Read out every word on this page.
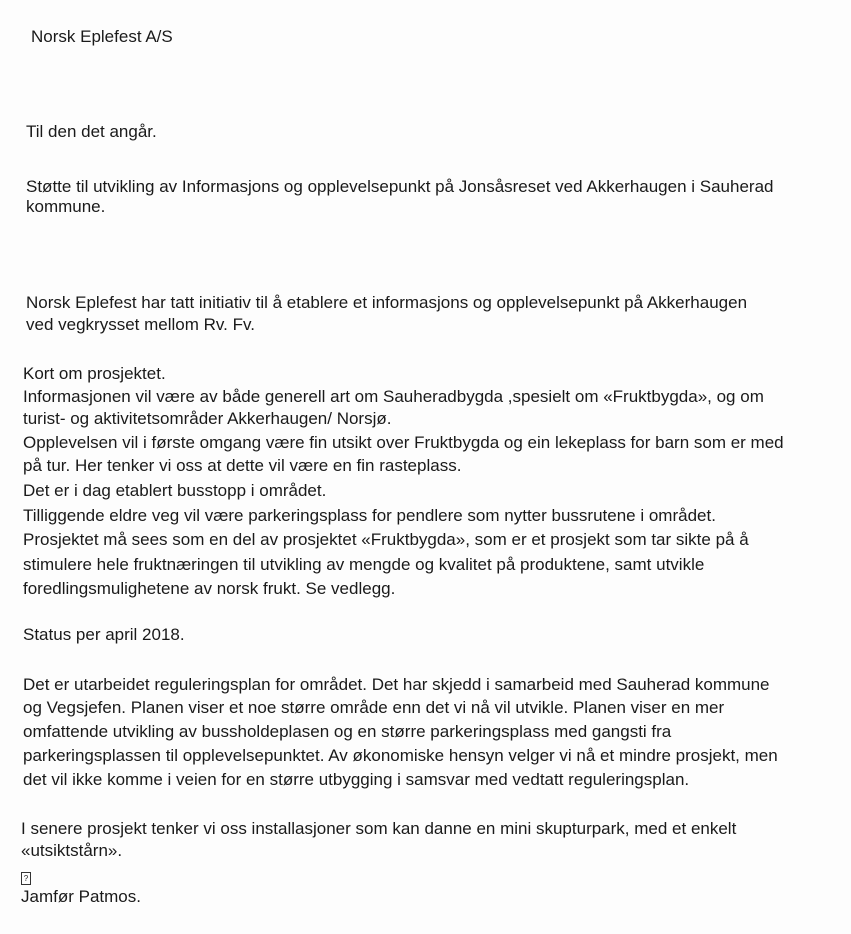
Norsk Eplefest A/S

Til den det angår.

Støtte til utvikling av Informasjons og opplevelsepunkt på Jonsåsreset ved Akkerhaugen i Sauherad

kommune.

Norsk Eplefest har tatt initiativ til å etablere et informasjons og opplevelsepunkt på Akkerhaugen

ved vegkrysset mellom Rv. Fv.

Kort om prosjektet.

Informasjonen vil være av både generell art om Sauheradbygda ,spesielt om «Fruktbygda», og om

turist- og aktivitetsområder Akkerhaugen/ Norsjø.

Opplevelsen vil i første omgang være fin utsikt over Fruktbygda og ein lekeplass for barn som er med

på tur. Her tenker vi oss at dette vil være en fin rasteplass.

Det er i dag etablert busstopp i området.

Tilliggende eldre veg vil være parkeringsplass for pendlere som nytter bussrutene i området.

Prosjektet må sees som en del av prosjektet «Fruktbygda», som er et prosjekt som tar sikte på å

stimulere hele fruktnæringen til utvikling av mengde og kvalitet på produktene, samt utvikle

foredlingsmulighetene av norsk frukt. Se vedlegg.

Status per april 2018.

Det er utarbeidet reguleringsplan for området. Det har skjedd i samarbeid med Sauherad kommune

og Vegsjefen. Planen viser et noe større område enn det vi nå vil utvikle. Planen viser en mer

omfattende utvikling av bussholdeplasen og en større parkeringsplass med gangsti fra

parkeringsplassen til opplevelsepunktet. Av økonomiske hensyn velger vi nå et mindre prosjekt, men

det vil ikke komme i veien for en større utbygging i samsvar med vedtatt reguleringsplan.

I senere prosjekt tenker vi oss installasjoner som kan danne en mini skupturpark, med et enkelt

«utsiktstårn».

?

Jamfør Patmos.
